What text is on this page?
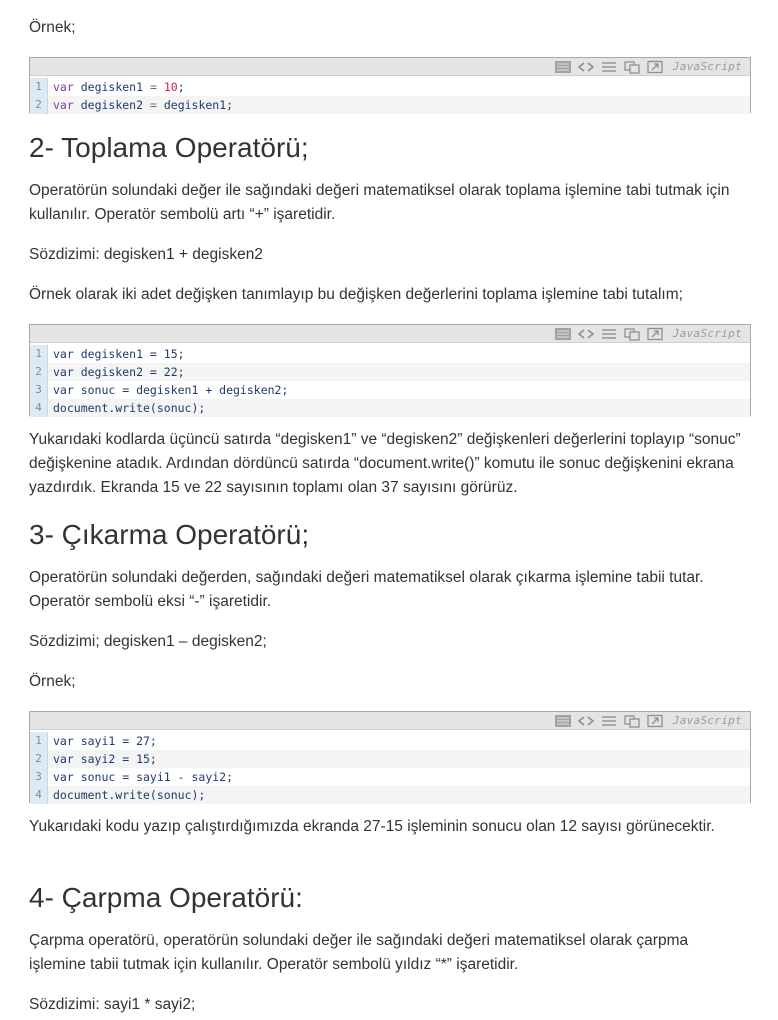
Örnek;

JavaScript
1 var degisken1 = 10;
2 var degisken2 = degisken1;
2- Toplama Operatörü;

Operatörün solundaki değer ile sağındaki değeri matematiksel olarak toplama işlemine tabi tutmak için kullanılır. Operatör sembolü artı “+” işaretidir.

Sözdizimi: degisken1 + degisken2

Örnek olarak iki adet değişken tanımlayıp bu değişken değerlerini toplama işlemine tabi tutalım;

JavaScript
1 var degisken1 = 15;
2 var degisken2 = 22;
3 var sonuc = degisken1 + degisken2;
4 document.write(sonuc);

Yukarıdaki kodlarda üçüncü satırda “degisken1” ve “degisken2” değişkenleri değerlerini toplayıp “sonuc” değişkenine atadık. Ardından dördüncü satırda “document.write()” komutu ile sonuc değişkenini ekrana yazdırdık. Ekranda 15 ve 22 sayısının toplamı olan 37 sayısını görürüz.

3- Çıkarma Operatörü;

Operatörün solundaki değerden, sağındaki değeri matematiksel olarak çıkarma işlemine tabii tutar. Operatör sembolü eksi “-” işaretidir.

Sözdizimi; degisken1 – degisken2;

Örnek;

JavaScript
1 var sayi1 = 27;
2 var sayi2 = 15;
3 var sonuc = sayi1 - sayi2;
4 document.write(sonuc);

Yukarıdaki kodu yazıp çalıştırdığımızda ekranda 27-15 işleminin sonucu olan 12 sayısı görünecektir.

4- Çarpma Operatörü:

Çarpma operatörü, operatörün solundaki değer ile sağındaki değeri matematiksel olarak çarpma işlemine tabii tutmak için kullanılır. Operatör sembolü yıldız “*” işaretidir.

Sözdizimi: sayi1 * sayi2;
